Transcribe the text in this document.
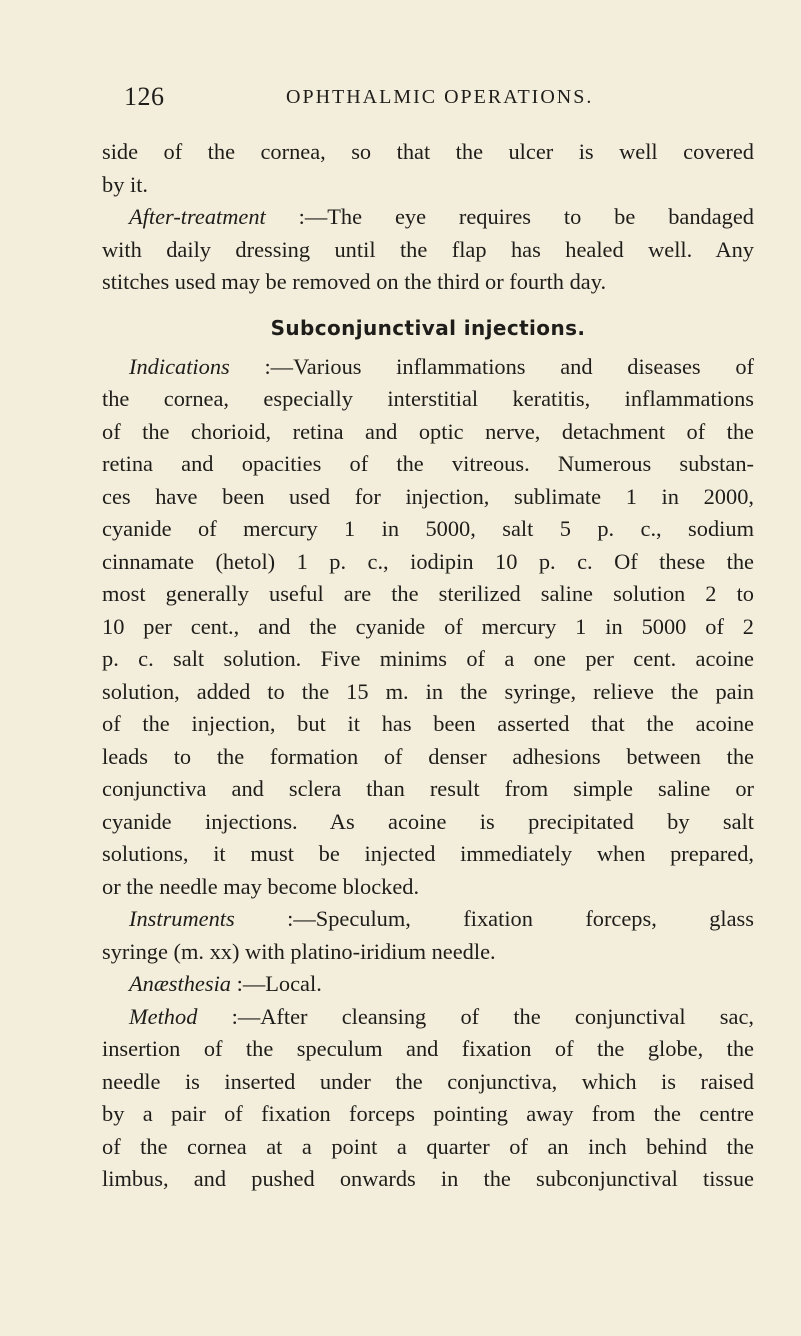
126	OPHTHALMIC OPERATIONS.
side of the cornea, so that the ulcer is well covered
by it.
After-treatment :—The eye requires to be bandaged
with daily dressing until the flap has healed well. Any
stitches used may be removed on the third or fourth day.
Subconjunctival injections.
Indications :—Various inflammations and diseases of
the cornea, especially interstitial keratitis, inflammations
of the chorioid, retina and optic nerve, detachment of the
retina and opacities of the vitreous. Numerous substan-
ces have been used for injection, sublimate 1 in 2000,
cyanide of mercury 1 in 5000, salt 5 p. c., sodium
cinnamate (hetol) 1 p. c., iodipin 10 p. c. Of these the
most generally useful are the sterilized saline solution 2 to
10 per cent., and the cyanide of mercury 1 in 5000 of 2
p. c. salt solution. Five minims of a one per cent. acoine
solution, added to the 15 m. in the syringe, relieve the pain
of the injection, but it has been asserted that the acoine
leads to the formation of denser adhesions between the
conjunctiva and sclera than result from simple saline or
cyanide injections. As acoine is precipitated by salt
solutions, it must be injected immediately when prepared,
or the needle may become blocked.
Instruments :—Speculum, fixation forceps, glass
syringe (m. xx) with platino-iridium needle.
Anæsthesia :—Local.
Method :—After cleansing of the conjunctival sac,
insertion of the speculum and fixation of the globe, the
needle is inserted under the conjunctiva, which is raised
by a pair of fixation forceps pointing away from the centre
of the cornea at a point a quarter of an inch behind the
limbus, and pushed onwards in the subconjunctival tissue
